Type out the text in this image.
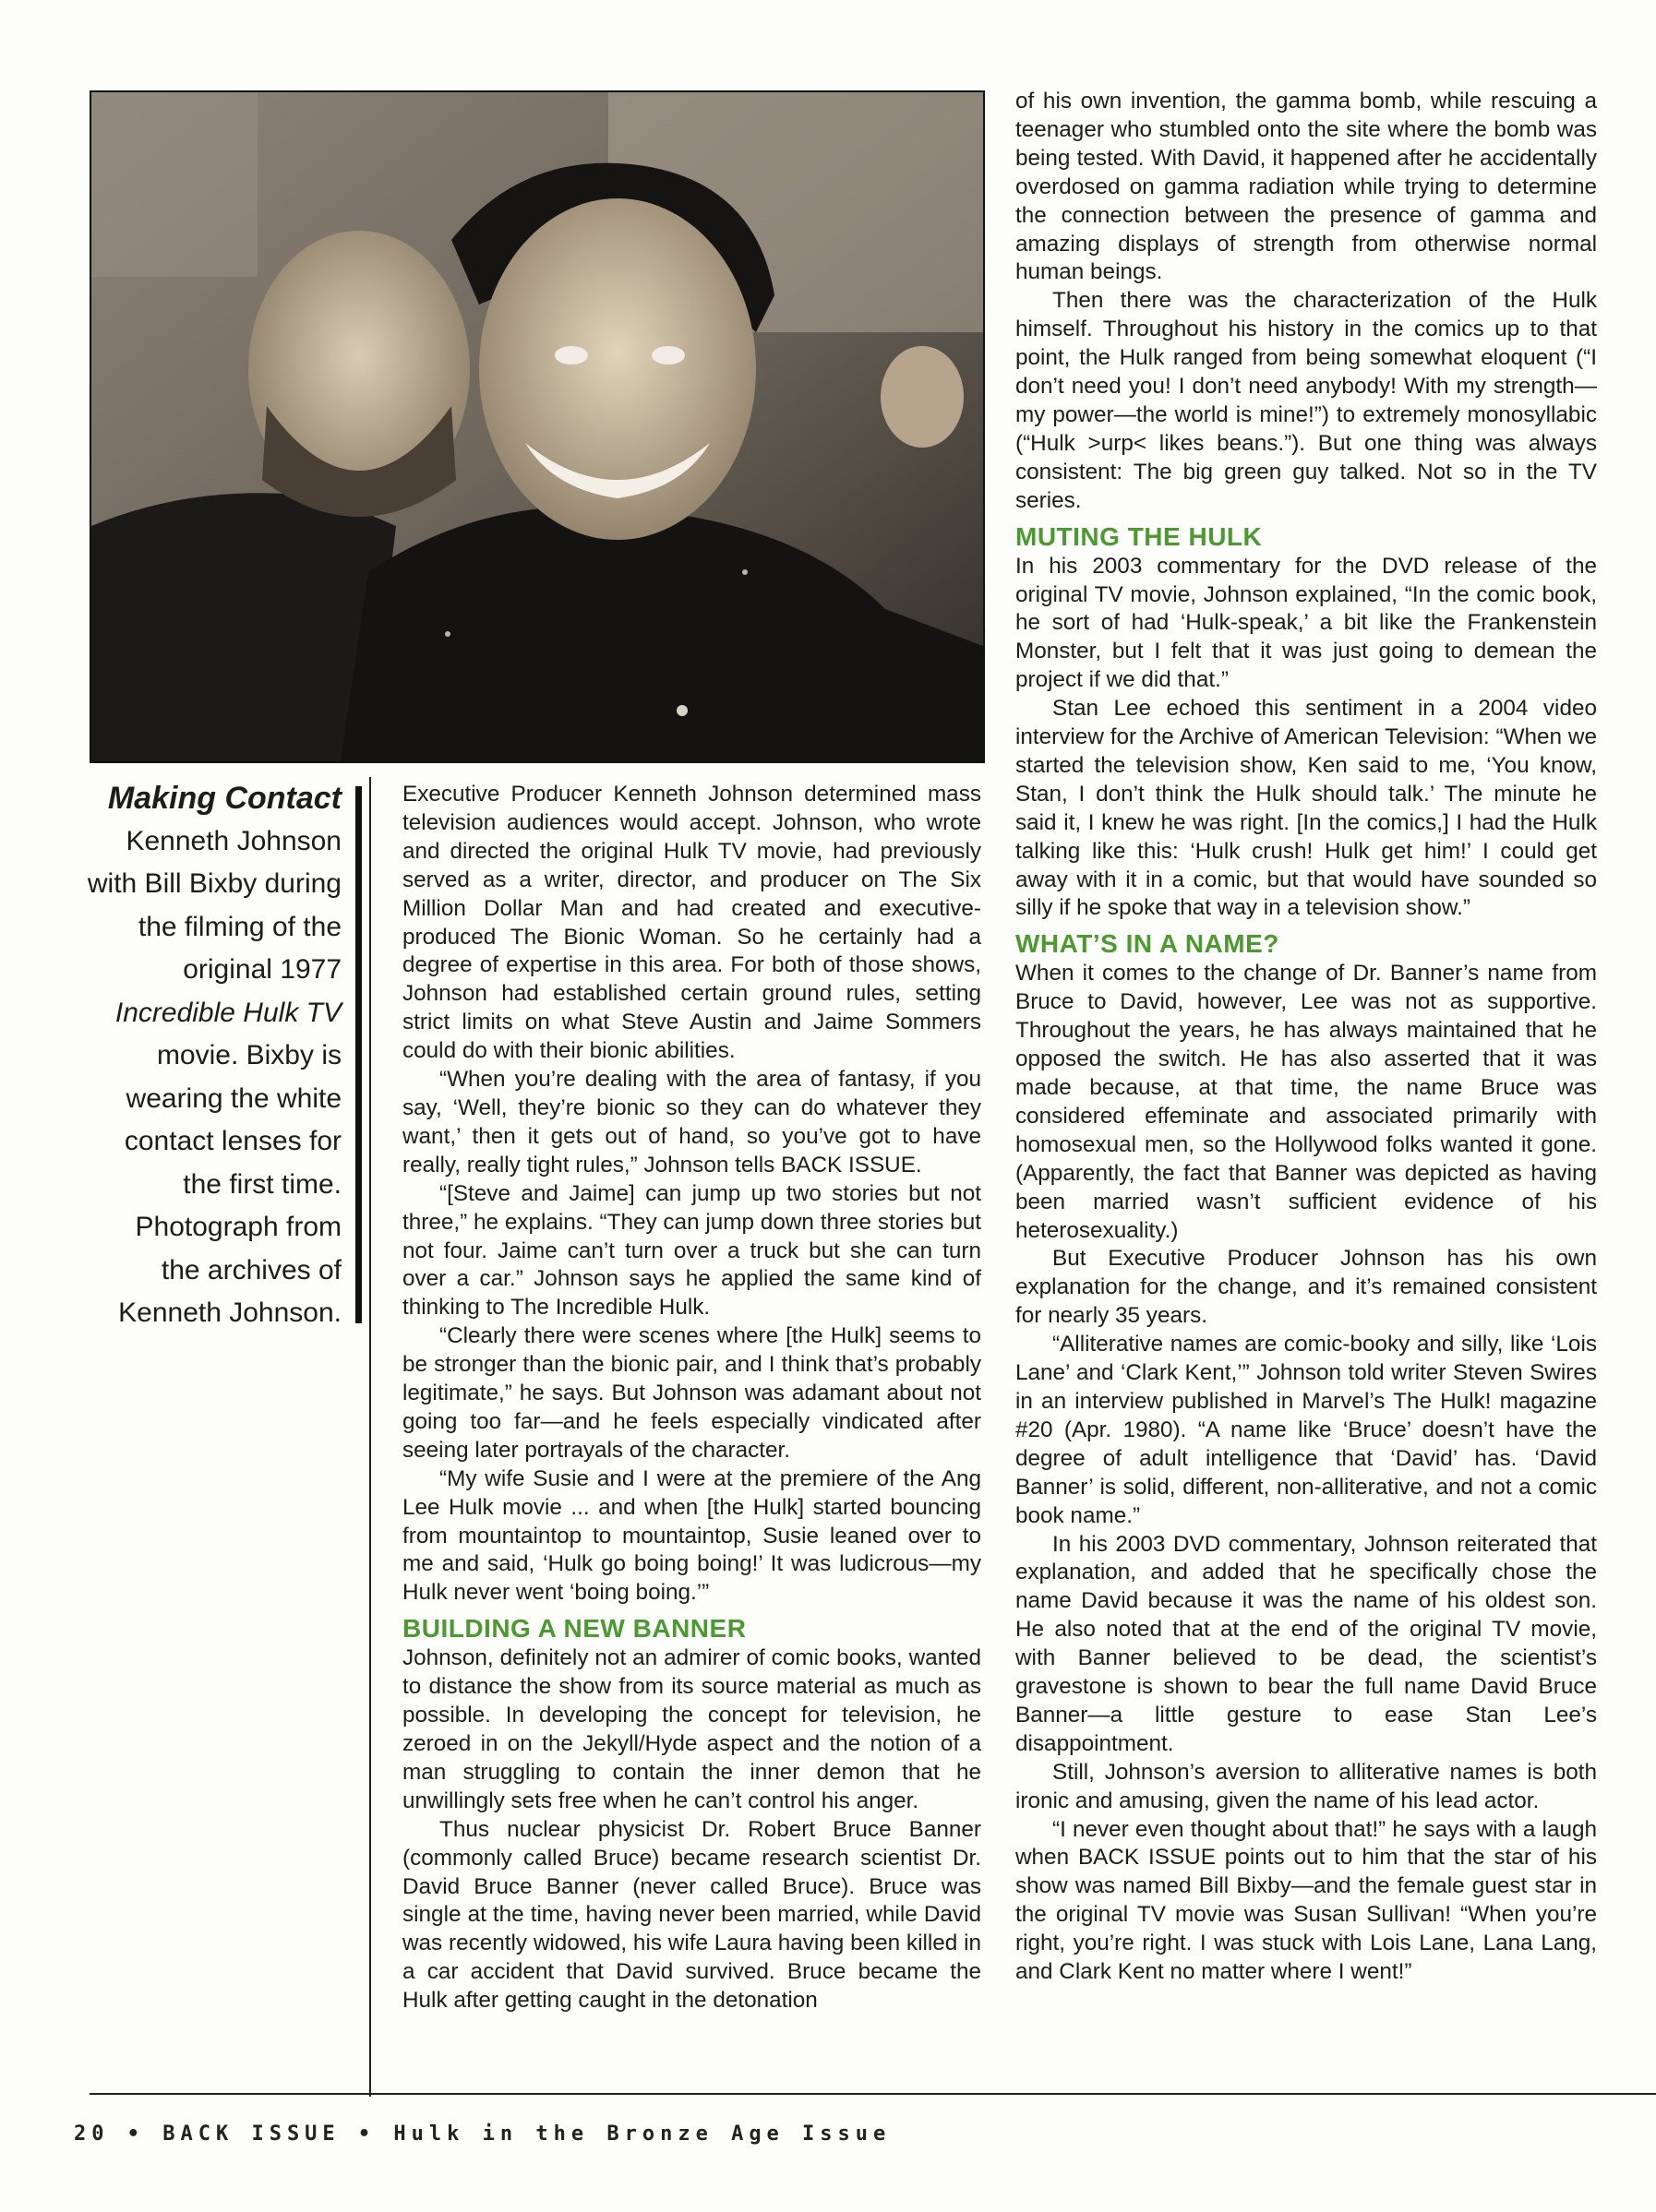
Making Contact
Kenneth Johnson
with Bill Bixby during
the filming of the
original 1977
Incredible Hulk TV
movie. Bixby is
wearing the white
contact lenses for
the first time.
Photograph from
the archives of
Kenneth Johnson.

Executive Producer Kenneth Johnson determined mass television audiences would accept. Johnson, who wrote and directed the original Hulk TV movie, had previously served as a writer, director, and producer on The Six Million Dollar Man and had created and executive-produced The Bionic Woman. So he certainly had a degree of expertise in this area. For both of those shows, Johnson had established certain ground rules, setting strict limits on what Steve Austin and Jaime Sommers could do with their bionic abilities.

“When you’re dealing with the area of fantasy, if you say, ‘Well, they’re bionic so they can do whatever they want,’ then it gets out of hand, so you’ve got to have really, really tight rules,” Johnson tells BACK ISSUE.

“[Steve and Jaime] can jump up two stories but not three,” he explains. “They can jump down three stories but not four. Jaime can’t turn over a truck but she can turn over a car.” Johnson says he applied the same kind of thinking to The Incredible Hulk.

“Clearly there were scenes where [the Hulk] seems to be stronger than the bionic pair, and I think that’s probably legitimate,” he says. But Johnson was adamant about not going too far—and he feels especially vindicated after seeing later portrayals of the character.

“My wife Susie and I were at the premiere of the Ang Lee Hulk movie ... and when [the Hulk] started bouncing from mountaintop to mountaintop, Susie leaned over to me and said, ‘Hulk go boing boing!’ It was ludicrous—my Hulk never went ‘boing boing.’”

BUILDING A NEW BANNER

Johnson, definitely not an admirer of comic books, wanted to distance the show from its source material as much as possible. In developing the concept for television, he zeroed in on the Jekyll/Hyde aspect and the notion of a man struggling to contain the inner demon that he unwillingly sets free when he can’t control his anger.

Thus nuclear physicist Dr. Robert Bruce Banner (commonly called Bruce) became research scientist Dr. David Bruce Banner (never called Bruce). Bruce was single at the time, having never been married, while David was recently widowed, his wife Laura having been killed in a car accident that David survived. Bruce became the Hulk after getting caught in the detonation

of his own invention, the gamma bomb, while rescuing a teenager who stumbled onto the site where the bomb was being tested. With David, it happened after he accidentally overdosed on gamma radiation while trying to determine the connection between the presence of gamma and amazing displays of strength from otherwise normal human beings.

Then there was the characterization of the Hulk himself. Throughout his history in the comics up to that point, the Hulk ranged from being somewhat eloquent (“I don’t need you! I don’t need anybody! With my strength—my power—the world is mine!”) to extremely monosyllabic (“Hulk >urp< likes beans.”). But one thing was always consistent: The big green guy talked. Not so in the TV series.

MUTING THE HULK

In his 2003 commentary for the DVD release of the original TV movie, Johnson explained, “In the comic book, he sort of had ‘Hulk-speak,’ a bit like the Frankenstein Monster, but I felt that it was just going to demean the project if we did that.”

Stan Lee echoed this sentiment in a 2004 video interview for the Archive of American Television: “When we started the television show, Ken said to me, ‘You know, Stan, I don’t think the Hulk should talk.’ The minute he said it, I knew he was right. [In the comics,] I had the Hulk talking like this: ‘Hulk crush! Hulk get him!’ I could get away with it in a comic, but that would have sounded so silly if he spoke that way in a television show.”

WHAT’S IN A NAME?

When it comes to the change of Dr. Banner’s name from Bruce to David, however, Lee was not as supportive. Throughout the years, he has always maintained that he opposed the switch. He has also asserted that it was made because, at that time, the name Bruce was considered effeminate and associated primarily with homosexual men, so the Hollywood folks wanted it gone. (Apparently, the fact that Banner was depicted as having been married wasn’t sufficient evidence of his heterosexuality.)

But Executive Producer Johnson has his own explanation for the change, and it’s remained consistent for nearly 35 years.

“Alliterative names are comic-booky and silly, like ‘Lois Lane’ and ‘Clark Kent,’” Johnson told writer Steven Swires in an interview published in Marvel’s The Hulk! magazine #20 (Apr. 1980). “A name like ‘Bruce’ doesn’t have the degree of adult intelligence that ‘David’ has. ‘David Banner’ is solid, different, non-alliterative, and not a comic book name.”

In his 2003 DVD commentary, Johnson reiterated that explanation, and added that he specifically chose the name David because it was the name of his oldest son. He also noted that at the end of the original TV movie, with Banner believed to be dead, the scientist’s gravestone is shown to bear the full name David Bruce Banner—a little gesture to ease Stan Lee’s disappointment.

Still, Johnson’s aversion to alliterative names is both ironic and amusing, given the name of his lead actor.

“I never even thought about that!” he says with a laugh when BACK ISSUE points out to him that the star of his show was named Bill Bixby—and the female guest star in the original TV movie was Susan Sullivan! “When you’re right, you’re right. I was stuck with Lois Lane, Lana Lang, and Clark Kent no matter where I went!”

20 • BACK ISSUE • Hulk in the Bronze Age Issue
